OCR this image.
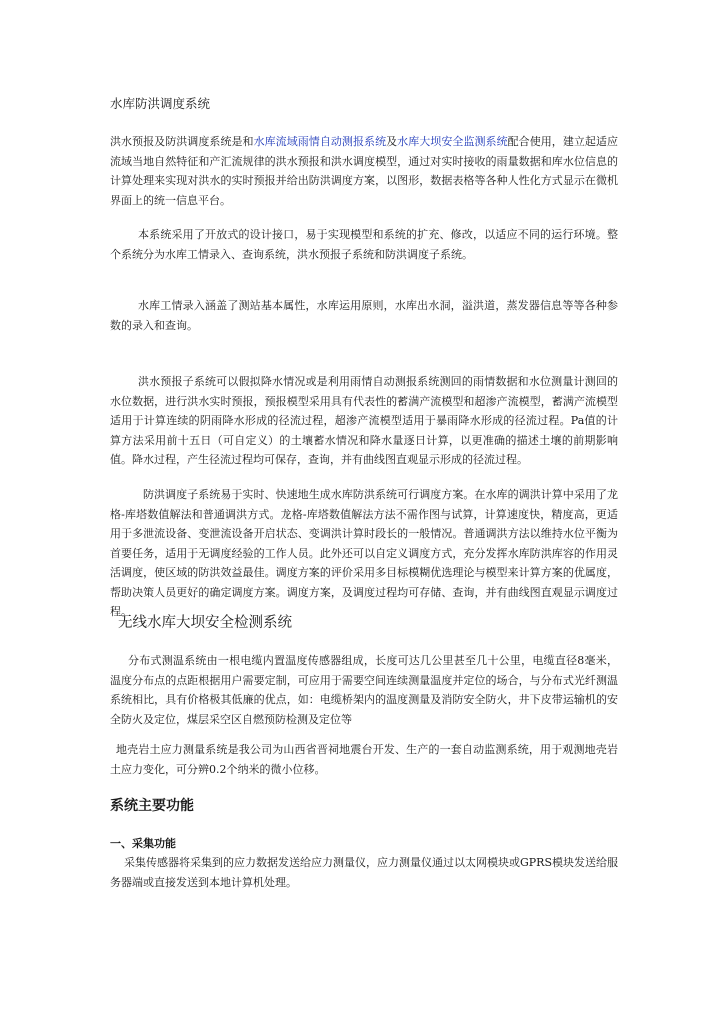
水库防洪调度系统

洪水预报及防洪调度系统是和水库流域雨情自动测报系统及水库大坝安全监测系统配合使用，建立起适应流域当地自然特征和产汇流规律的洪水预报和洪水调度模型，通过对实时接收的雨量数据和库水位信息的计算处理来实现对洪水的实时预报并给出防洪调度方案，以图形，数据表格等各种人性化方式显示在微机界面上的统一信息平台。

本系统采用了开放式的设计接口，易于实现模型和系统的扩充、修改，以适应不同的运行环境。整个系统分为水库工情录入、查询系统，洪水预报子系统和防洪调度子系统。

水库工情录入涵盖了测站基本属性，水库运用原则，水库出水洞，溢洪道，蒸发器信息等等各种参数的录入和查询。

洪水预报子系统可以假拟降水情况或是利用雨情自动测报系统测回的雨情数据和水位测量计测回的水位数据，进行洪水实时预报，预报模型采用具有代表性的蓄满产流模型和超渗产流模型，蓄满产流模型适用于计算连续的阴雨降水形成的径流过程，超渗产流模型适用于暴雨降水形成的径流过程。Pa值的计算方法采用前十五日（可自定义）的土壤蓄水情况和降水量逐日计算，以更准确的描述土壤的前期影响值。降水过程，产生径流过程均可保存，查询，并有曲线图直观显示形成的径流过程。

防洪调度子系统易于实时、快速地生成水库防洪系统可行调度方案。在水库的调洪计算中采用了龙格-库塔数值解法和普通调洪方式。龙格-库塔数值解法方法不需作图与试算，计算速度快，精度高，更适用于多泄流设备、变泄流设备开启状态、变调洪计算时段长的一般情况。普通调洪方法以维持水位平衡为首要任务，适用于无调度经验的工作人员。此外还可以自定义调度方式，充分发挥水库防洪库容的作用灵活调度，使区域的防洪效益最佳。调度方案的评价采用多目标模糊优选理论与模型来计算方案的优属度，帮助决策人员更好的确定调度方案。调度方案，及调度过程均可存储、查询，并有曲线图直观显示调度过程。

无线水库大坝安全检测系统

分布式测温系统由一根电缆内置温度传感器组成，长度可达几公里甚至几十公里，电缆直径8毫米，温度分布点的点距根据用户需要定制，可应用于需要空间连续测量温度并定位的场合，与分布式光纤测温系统相比，具有价格极其低廉的优点，如：电缆桥架内的温度测量及消防安全防火，井下皮带运输机的安全防火及定位，煤层采空区自燃预防检测及定位等

地壳岩土应力测量系统是我公司为山西省晋祠地震台开发、生产的一套自动监测系统，用于观测地壳岩土应力变化，可分辨0.2个纳米的微小位移。

系统主要功能
一、采集功能

采集传感器将采集到的应力数据发送给应力测量仪，应力测量仪通过以太网模块或GPRS模块发送给服务器端或直接发送到本地计算机处理。
